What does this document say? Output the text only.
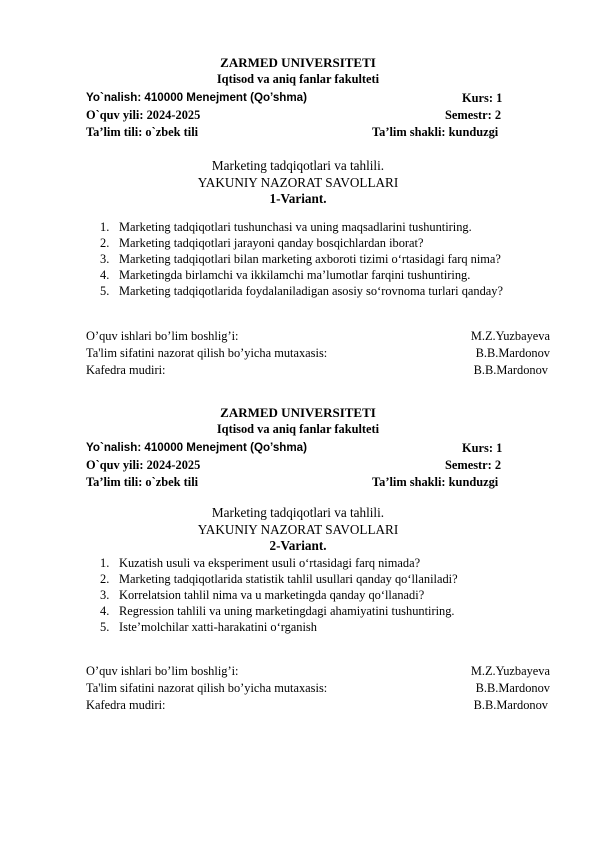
ZARMED UNIVERSITETI
Iqtisod va aniq fanlar fakulteti
Yo`nalish: 410000 Menejment (Qo’shma)	Kurs: 1
O`quv yili: 2024-2025	Semestr: 2
Ta’lim tili: o`zbek tili	Ta’lim shakli: kunduzgi
Marketing tadqiqotlari va tahlili.
YAKUNIY NAZORAT SAVOLLARI
1-Variant.
1. Marketing tadqiqotlari tushunchasi va uning maqsadlarini tushuntiring.
2. Marketing tadqiqotlari jarayoni qanday bosqichlardan iborat?
3. Marketing tadqiqotlari bilan marketing axboroti tizimi o‘rtasidagi farq nima?
4. Marketingda birlamchi va ikkilamchi ma’lumotlar farqini tushuntiring.
5. Marketing tadqiqotlarida foydalaniladigan asosiy so‘rovnoma turlari qanday?
O’quv ishlari bo’lim boshlig’i:	M.Z.Yuzbayeva
Ta'lim sifatini nazorat qilish bo’yicha mutaxasis:	B.B.Mardonov
Kafedra mudiri:	B.B.Mardonov
ZARMED UNIVERSITETI
Iqtisod va aniq fanlar fakulteti
Yo`nalish: 410000 Menejment (Qo’shma)	Kurs: 1
O`quv yili: 2024-2025	Semestr: 2
Ta’lim tili: o`zbek tili	Ta’lim shakli: kunduzgi
Marketing tadqiqotlari va tahlili.
YAKUNIY NAZORAT SAVOLLARI
2-Variant.
1. Kuzatish usuli va eksperiment usuli o‘rtasidagi farq nimada?
2. Marketing tadqiqotlarida statistik tahlil usullari qanday qo‘llaniladi?
3. Korrelatsion tahlil nima va u marketingda qanday qo‘llanadi?
4. Regression tahlili va uning marketingdagi ahamiyatini tushuntiring.
5. Iste’molchilar xatti-harakatini o‘rganish
O’quv ishlari bo’lim boshlig’i:	M.Z.Yuzbayeva
Ta'lim sifatini nazorat qilish bo’yicha mutaxasis:	B.B.Mardonov
Kafedra mudiri:	B.B.Mardonov
